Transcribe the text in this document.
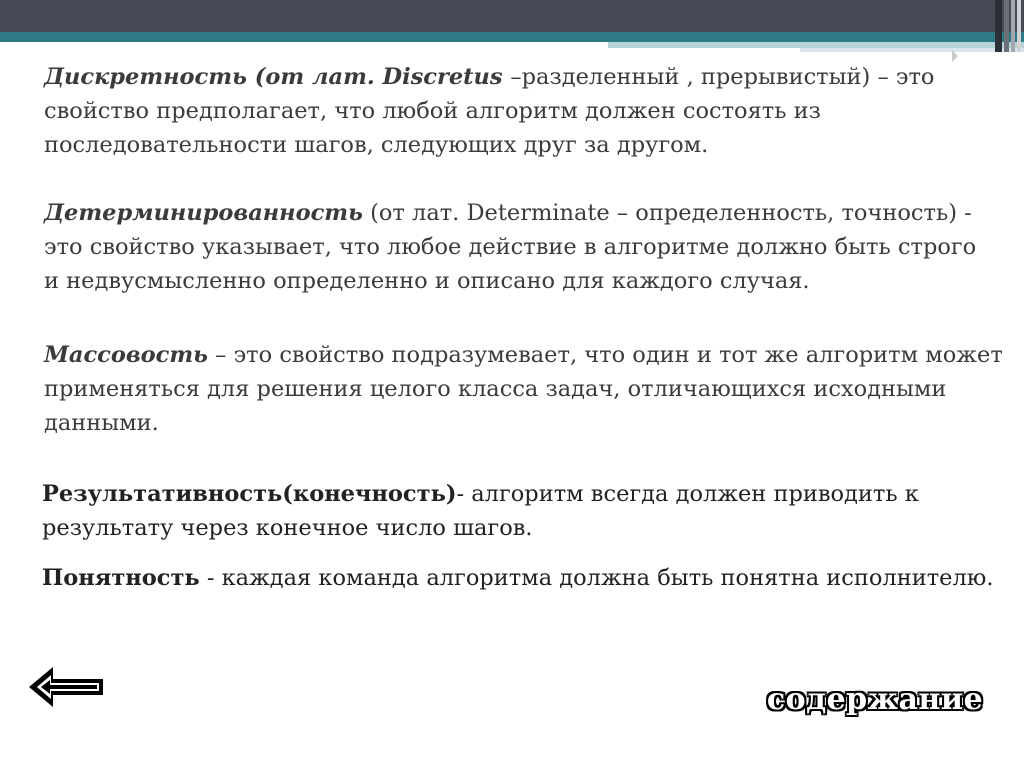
Дискретность (от лат. Discretus –разделенный , прерывистый) – это свойство предполагает, что любой алгоритм должен состоять из последовательности шагов, следующих друг за другом.

Детерминированность (от лат. Determinate – определенность, точность) - это свойство указывает, что любое действие в алгоритме должно быть строго и недвусмысленно определенно и описано для каждого случая.

Массовость – это свойство подразумевает, что один и тот же алгоритм может применяться для решения целого класса задач, отличающихся исходными данными.

Результативность(конечность)- алгоритм всегда должен приводить к результату через конечное число шагов.

Понятность - каждая команда алгоритма должна быть понятна исполнителю.

содержание
